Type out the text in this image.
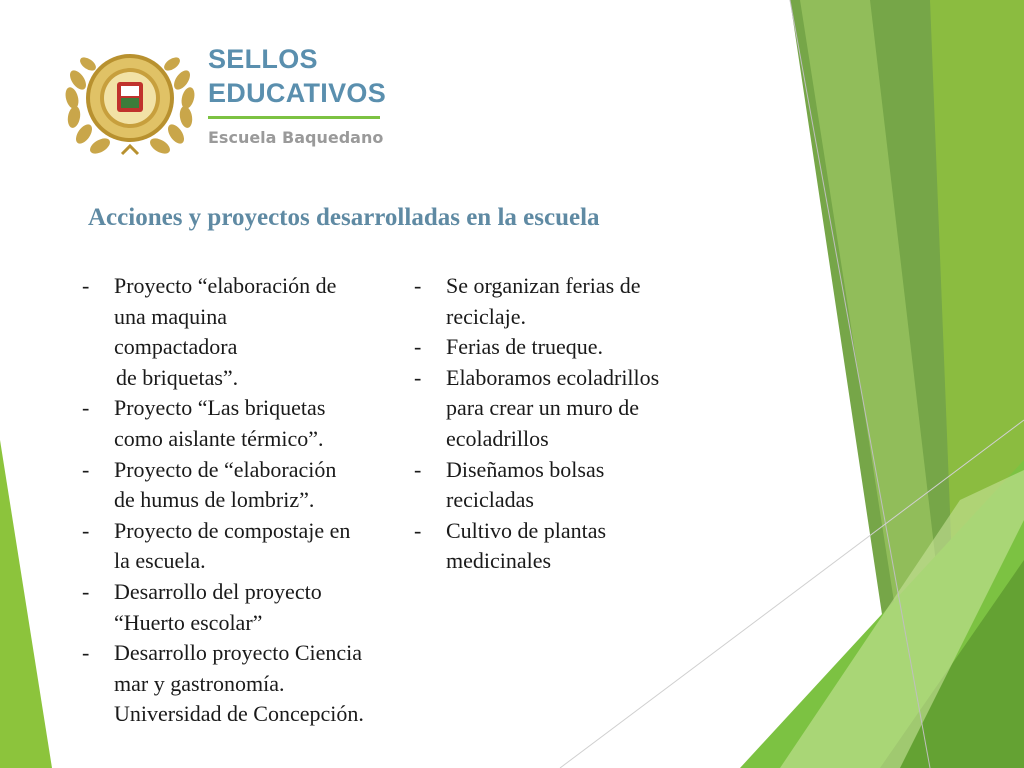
SELLOS
EDUCATIVOS
Escuela Baquedano
Acciones y proyectos desarrolladas en la escuela
- Proyecto “elaboración de
una maquina
compactadora
de briquetas”.
- Proyecto “Las briquetas
como aislante térmico”.
- Proyecto de “elaboración
de humus de lombriz”.
- Proyecto de compostaje en
la escuela.
- Desarrollo del proyecto
“Huerto escolar”
- Desarrollo proyecto Ciencia
mar y gastronomía.
Universidad de Concepción.
- Se organizan ferias de
reciclaje.
- Ferias de trueque.
- Elaboramos ecoladrillos
para crear un muro de
ecoladrillos
- Diseñamos bolsas
recicladas
- Cultivo de plantas
medicinales
